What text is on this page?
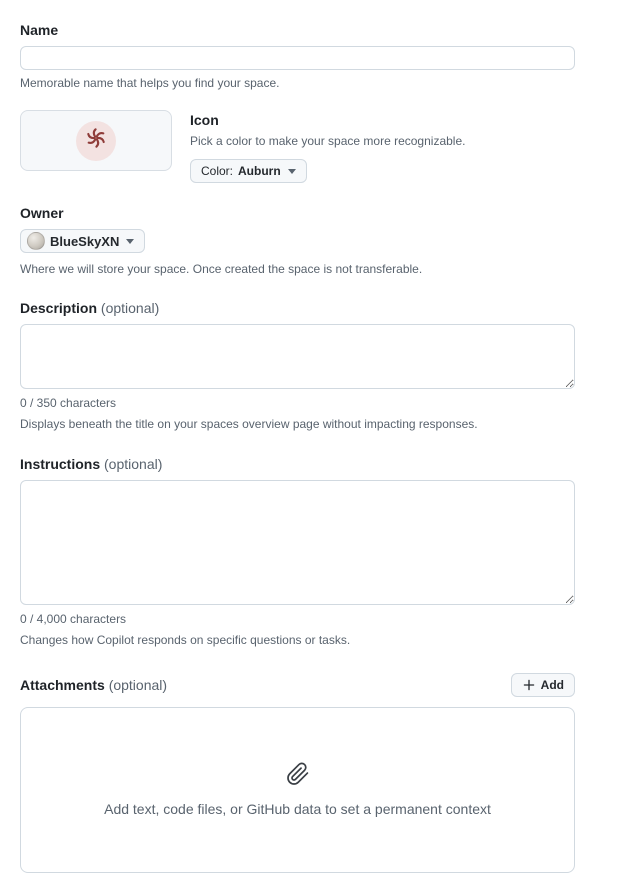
Name
Memorable name that helps you find your space.
Icon
Pick a color to make your space more recognizable.
Color: Auburn
Owner
BlueSkyXN
Where we will store your space. Once created the space is not transferable.
Description (optional)
0 / 350 characters
Displays beneath the title on your spaces overview page without impacting responses.
Instructions (optional)
0 / 4,000 characters
Changes how Copilot responds on specific questions or tasks.
Attachments (optional)	Add
Add text, code files, or GitHub data to set a permanent context
